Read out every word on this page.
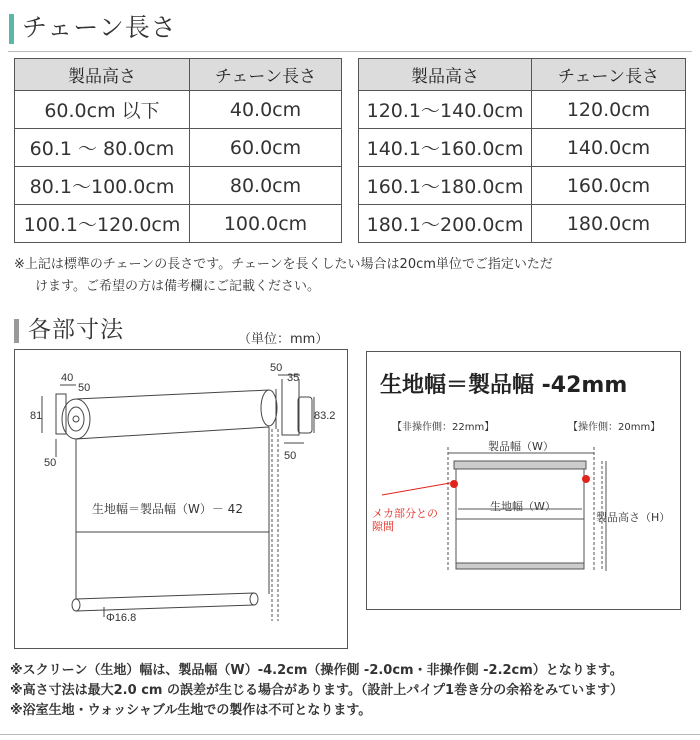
チェーン長さ
製品高さ	チェーン長さ
60.0cm 以下	40.0cm
60.1 ～ 80.0cm	60.0cm
80.1～100.0cm	80.0cm
100.1～120.0cm	100.0cm
製品高さ	チェーン長さ
120.1～140.0cm	120.0cm
140.1～160.0cm	140.0cm
160.1～180.0cm	160.0cm
180.1～200.0cm	180.0cm
※上記は標準のチェーンの長さです。チェーンを長くしたい場合は20cm単位でご指定いただ
けます。ご希望の方は備考欄にご記載ください。
各部寸法	（単位：mm）
40
50
81
50
50
35
83.2
50
生地幅＝製品幅（W）－ 42
Φ16.8
生地幅＝製品幅 -42mm
【非操作側：22mm】	【操作側：20mm】
製品幅（W）
メカ部分との
隙間
生地幅（W）
製品高さ（H）
※スクリーン（生地）幅は、製品幅（W）-4.2cm（操作側 -2.0cm・非操作側 -2.2cm）となります。
※高さ寸法は最大2.0 cm の誤差が生じる場合があります。（設計上パイプ1巻き分の余裕をみています）
※浴室生地・ウォッシャブル生地での製作は不可となります。
